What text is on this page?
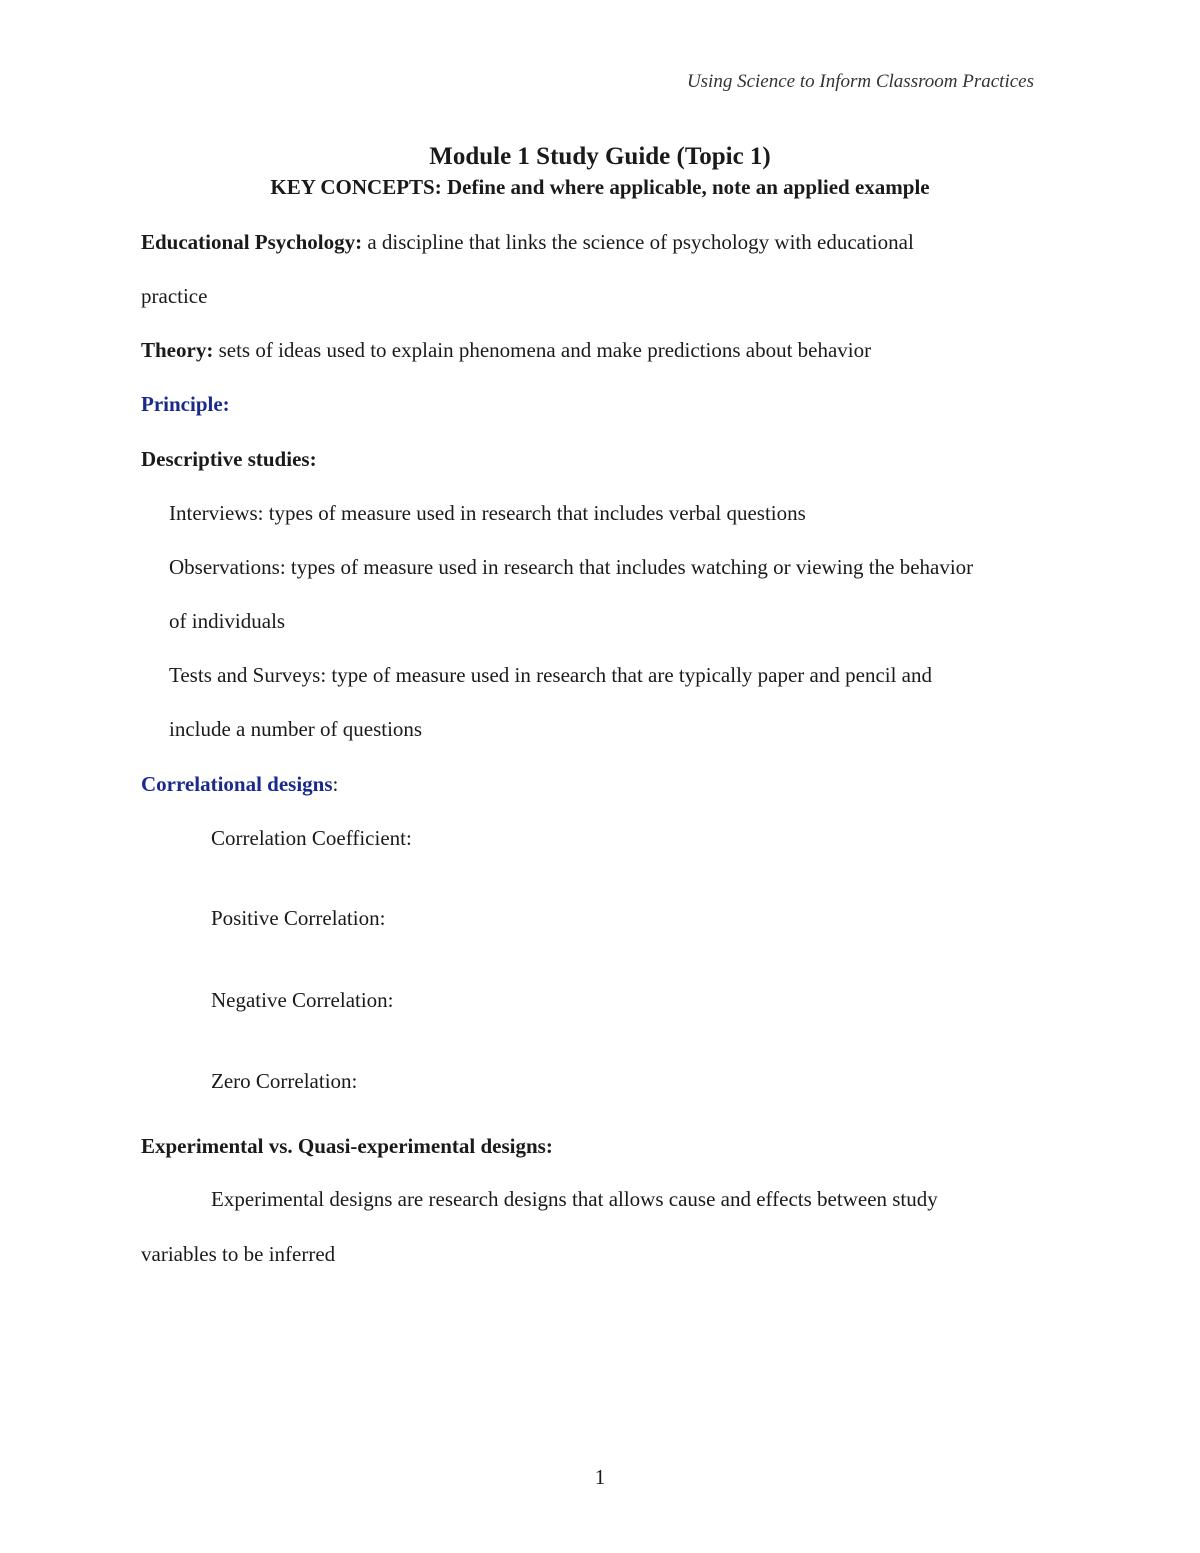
Using Science to Inform Classroom Practices
Module 1 Study Guide (Topic 1)
KEY CONCEPTS: Define and where applicable, note an applied example
Educational Psychology: a discipline that links the science of psychology with educational
practice
Theory: sets of ideas used to explain phenomena and make predictions about behavior
Principle:
Descriptive studies:
Interviews: types of measure used in research that includes verbal questions
Observations: types of measure used in research that includes watching or viewing the behavior
of individuals
Tests and Surveys: type of measure used in research that are typically paper and pencil and
include a number of questions
Correlational designs:
Correlation Coefficient:
Positive Correlation:
Negative Correlation:
Zero Correlation:
Experimental vs. Quasi-experimental designs:
Experimental designs are research designs that allows cause and effects between study
variables to be inferred
1
